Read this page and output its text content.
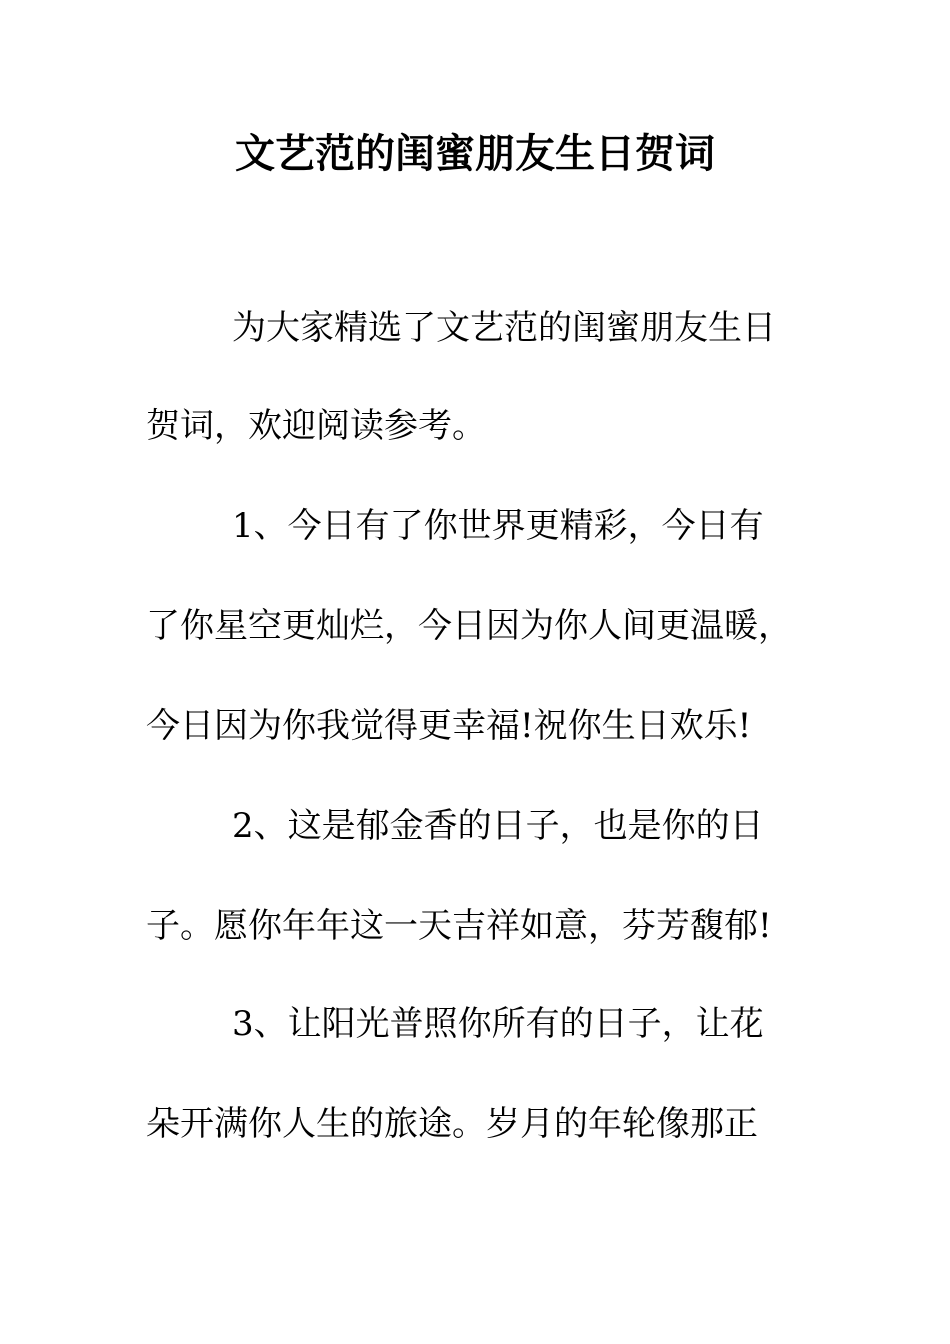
文艺范的闺蜜朋友生日贺词
为大家精选了文艺范的闺蜜朋友生日
贺词，欢迎阅读参考。
1、今日有了你世界更精彩，今日有
了你星空更灿烂，今日因为你人间更温暖，
今日因为你我觉得更幸福!祝你生日欢乐!
2、这是郁金香的日子，也是你的日
子。愿你年年这一天吉祥如意，芬芳馥郁!
3、让阳光普照你所有的日子，让花
朵开满你人生的旅途。岁月的年轮像那正
